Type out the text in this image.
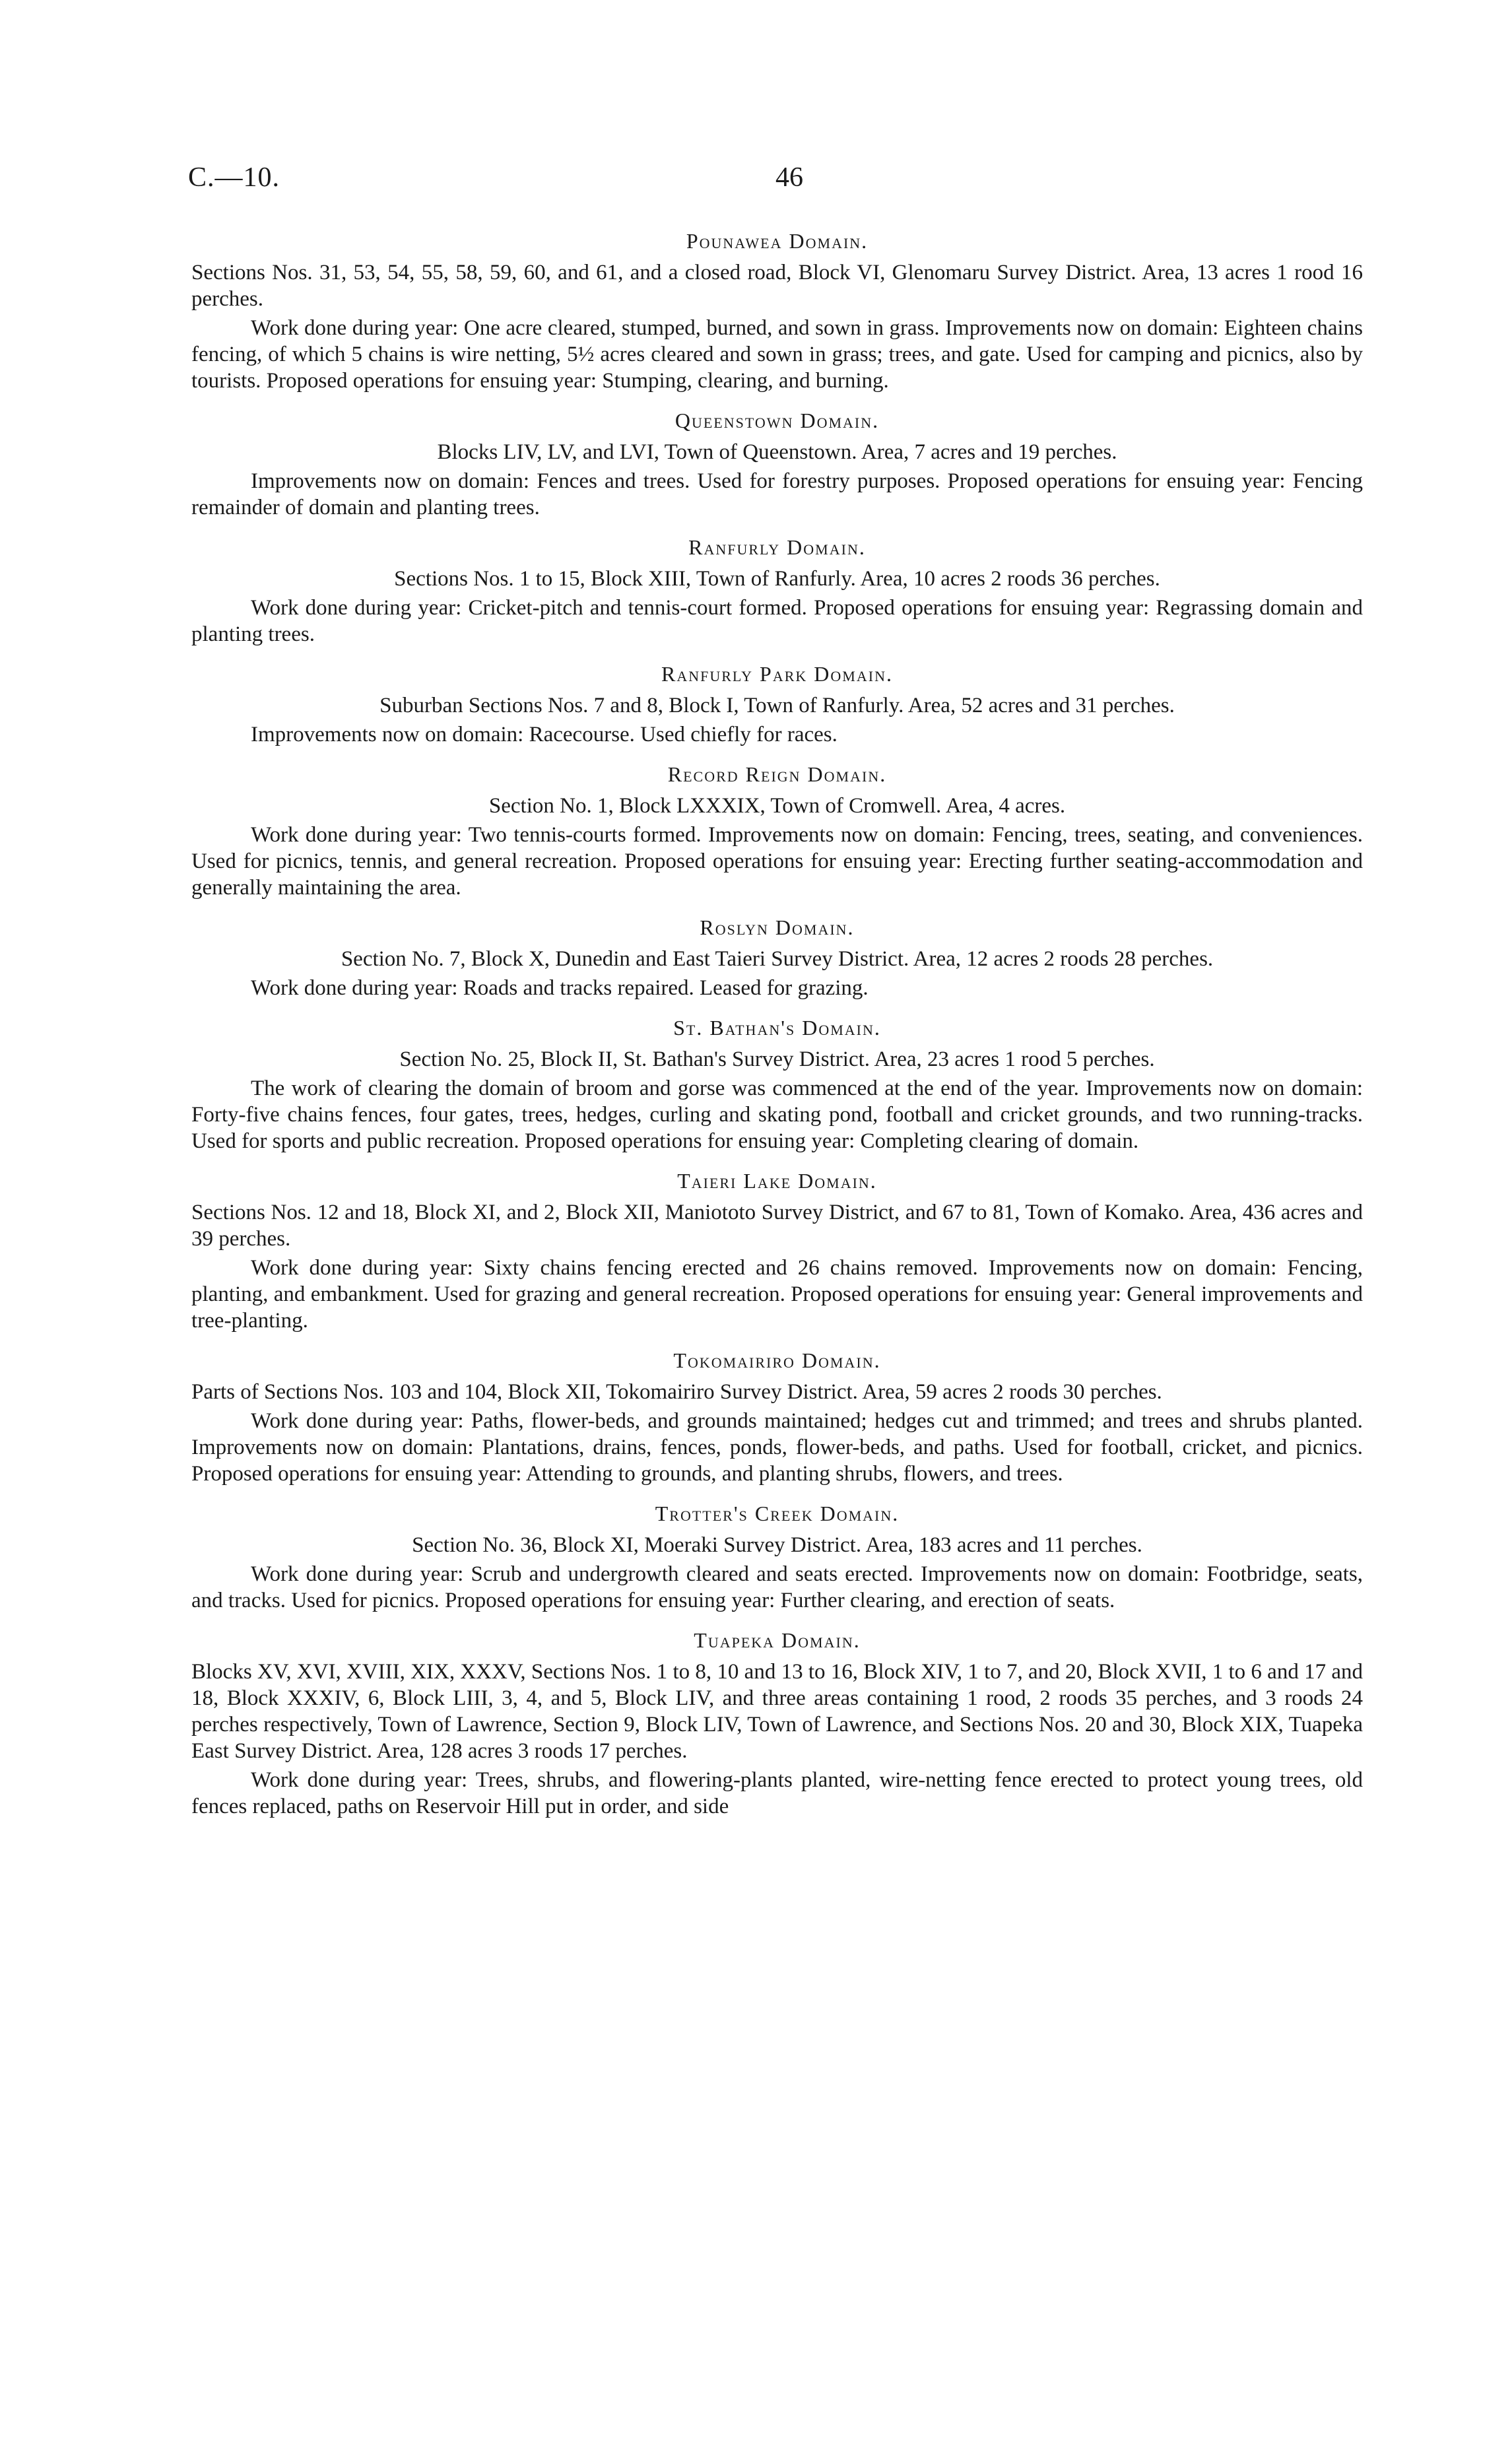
C.—10.	46
Pounawea Domain.

Sections Nos. 31, 53, 54, 55, 58, 59, 60, and 61, and a closed road, Block VI, Glenomaru Survey District. Area, 13 acres 1 rood 16 perches.

Work done during year: One acre cleared, stumped, burned, and sown in grass. Improvements now on domain: Eighteen chains fencing, of which 5 chains is wire netting, 5½ acres cleared and sown in grass; trees, and gate. Used for camping and picnics, also by tourists. Proposed operations for ensuing year: Stumping, clearing, and burning.

Queenstown Domain.

Blocks LIV, LV, and LVI, Town of Queenstown. Area, 7 acres and 19 perches.

Improvements now on domain: Fences and trees. Used for forestry purposes. Proposed operations for ensuing year: Fencing remainder of domain and planting trees.

Ranfurly Domain.

Sections Nos. 1 to 15, Block XIII, Town of Ranfurly. Area, 10 acres 2 roods 36 perches.

Work done during year: Cricket-pitch and tennis-court formed. Proposed operations for ensuing year: Regrassing domain and planting trees.

Ranfurly Park Domain.

Suburban Sections Nos. 7 and 8, Block I, Town of Ranfurly. Area, 52 acres and 31 perches.

Improvements now on domain: Racecourse. Used chiefly for races.

Record Reign Domain.

Section No. 1, Block LXXXIX, Town of Cromwell. Area, 4 acres.

Work done during year: Two tennis-courts formed. Improvements now on domain: Fencing, trees, seating, and conveniences. Used for picnics, tennis, and general recreation. Proposed operations for ensuing year: Erecting further seating-accommodation and generally maintaining the area.

Roslyn Domain.

Section No. 7, Block X, Dunedin and East Taieri Survey District. Area, 12 acres 2 roods 28 perches.

Work done during year: Roads and tracks repaired. Leased for grazing.

St. Bathan's Domain.

Section No. 25, Block II, St. Bathan's Survey District. Area, 23 acres 1 rood 5 perches.

The work of clearing the domain of broom and gorse was commenced at the end of the year. Improvements now on domain: Forty-five chains fences, four gates, trees, hedges, curling and skating pond, football and cricket grounds, and two running-tracks. Used for sports and public recreation. Proposed operations for ensuing year: Completing clearing of domain.

Taieri Lake Domain.

Sections Nos. 12 and 18, Block XI, and 2, Block XII, Maniototo Survey District, and 67 to 81, Town of Komako. Area, 436 acres and 39 perches.

Work done during year: Sixty chains fencing erected and 26 chains removed. Improvements now on domain: Fencing, planting, and embankment. Used for grazing and general recreation. Proposed operations for ensuing year: General improvements and tree-planting.

Tokomairiro Domain.

Parts of Sections Nos. 103 and 104, Block XII, Tokomairiro Survey District. Area, 59 acres 2 roods 30 perches.

Work done during year: Paths, flower-beds, and grounds maintained; hedges cut and trimmed; and trees and shrubs planted. Improvements now on domain: Plantations, drains, fences, ponds, flower-beds, and paths. Used for football, cricket, and picnics. Proposed operations for ensuing year: Attending to grounds, and planting shrubs, flowers, and trees.

Trotter's Creek Domain.

Section No. 36, Block XI, Moeraki Survey District. Area, 183 acres and 11 perches.

Work done during year: Scrub and undergrowth cleared and seats erected. Improvements now on domain: Footbridge, seats, and tracks. Used for picnics. Proposed operations for ensuing year: Further clearing, and erection of seats.

Tuapeka Domain.

Blocks XV, XVI, XVIII, XIX, XXXV, Sections Nos. 1 to 8, 10 and 13 to 16, Block XIV, 1 to 7, and 20, Block XVII, 1 to 6 and 17 and 18, Block XXXIV, 6, Block LIII, 3, 4, and 5, Block LIV, and three areas containing 1 rood, 2 roods 35 perches, and 3 roods 24 perches respectively, Town of Lawrence, Section 9, Block LIV, Town of Lawrence, and Sections Nos. 20 and 30, Block XIX, Tuapeka East Survey District. Area, 128 acres 3 roods 17 perches.

Work done during year: Trees, shrubs, and flowering-plants planted, wire-netting fence erected to protect young trees, old fences replaced, paths on Reservoir Hill put in order, and side
